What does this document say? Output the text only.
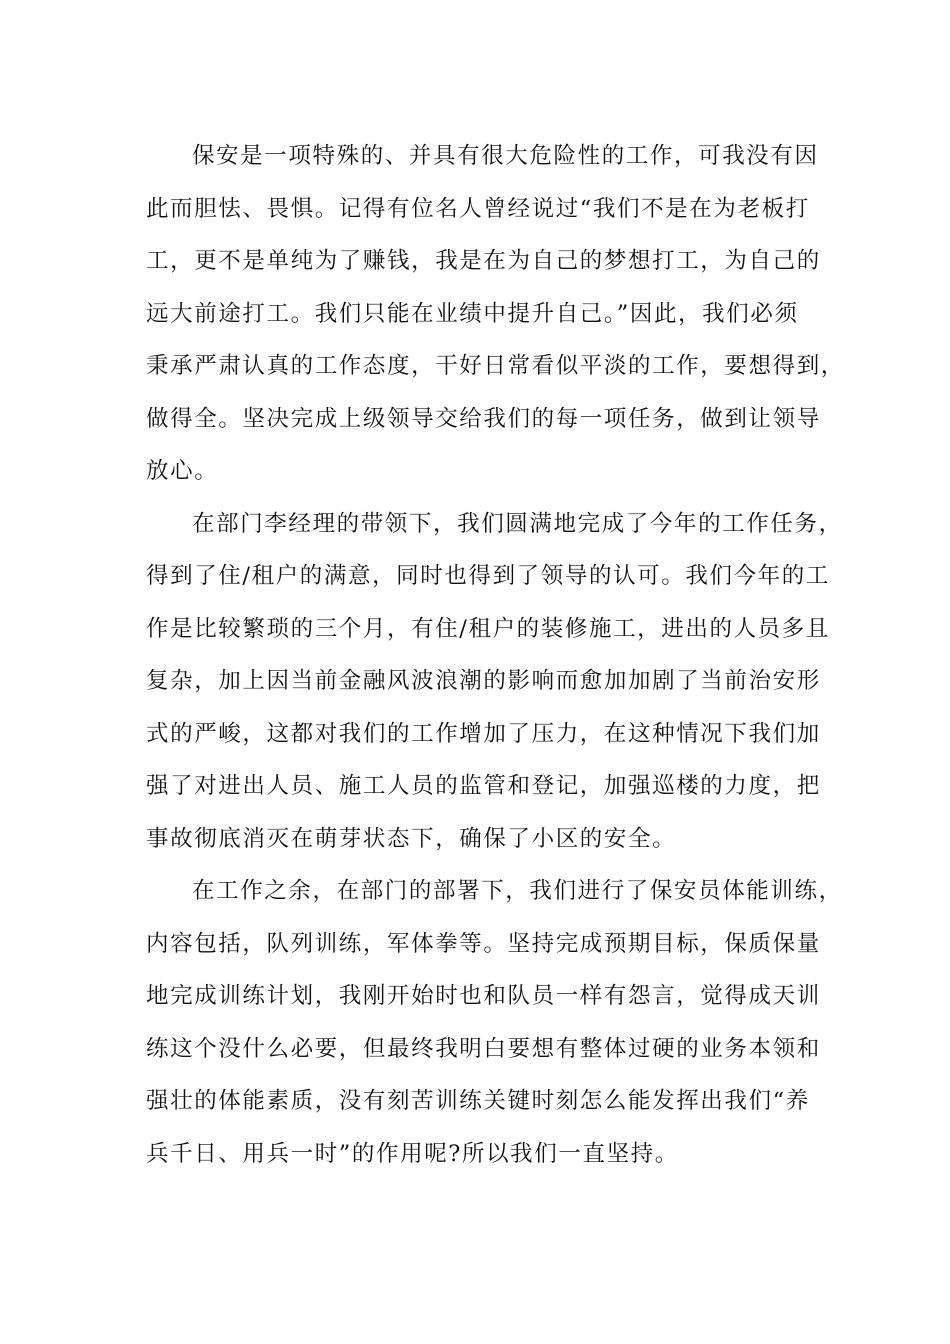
保安是一项特殊的、并具有很大危险性的工作，可我没有因
此而胆怯、畏惧。记得有位名人曾经说过“我们不是在为老板打
工，更不是单纯为了赚钱，我是在为自己的梦想打工，为自己的
远大前途打工。我们只能在业绩中提升自己。”因此，我们必须
秉承严肃认真的工作态度，干好日常看似平淡的工作，要想得到，
做得全。坚决完成上级领导交给我们的每一项任务，做到让领导
放心。

在部门李经理的带领下，我们圆满地完成了今年的工作任务，
得到了住/租户的满意，同时也得到了领导的认可。我们今年的工
作是比较繁琐的三个月，有住/租户的装修施工，进出的人员多且
复杂，加上因当前金融风波浪潮的影响而愈加加剧了当前治安形
式的严峻，这都对我们的工作增加了压力，在这种情况下我们加
强了对进出人员、施工人员的监管和登记，加强巡楼的力度，把
事故彻底消灭在萌芽状态下，确保了小区的安全。

在工作之余，在部门的部署下，我们进行了保安员体能训练，
内容包括，队列训练，军体拳等。坚持完成预期目标，保质保量
地完成训练计划，我刚开始时也和队员一样有怨言，觉得成天训
练这个没什么必要，但最终我明白要想有整体过硬的业务本领和
强壮的体能素质，没有刻苦训练关键时刻怎么能发挥出我们“养
兵千日、用兵一时”的作用呢?所以我们一直坚持。
